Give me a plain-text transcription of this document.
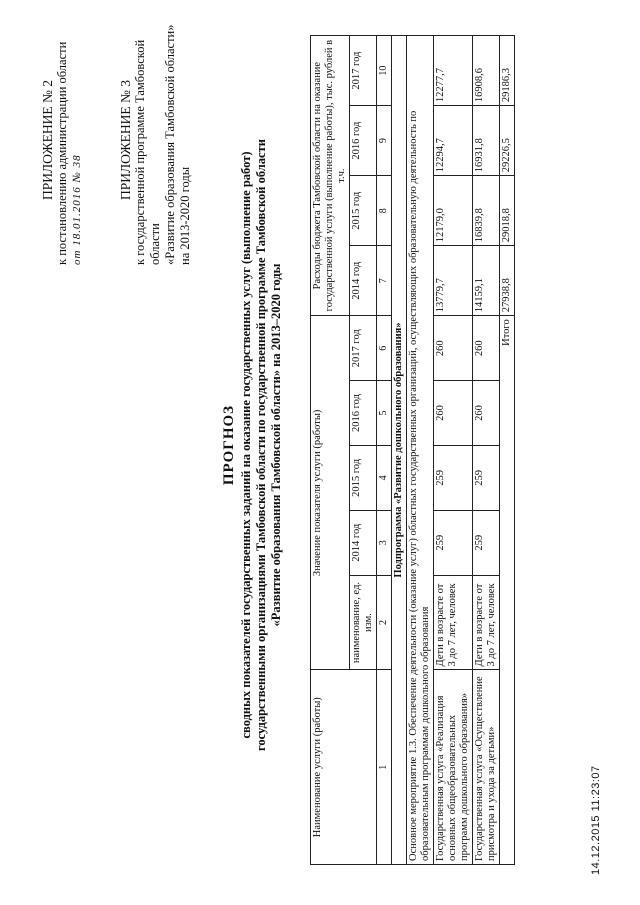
ПРИЛОЖЕНИЕ № 2 к постановлению администрации области от 18.01.2016 № 38
ПРИЛОЖЕНИЕ № 3 к государственной программе Тамбовской области «Развитие образования Тамбовской области» на 2013-2020 годы
ПРОГНОЗ сводных показателей государственных заданий на оказание государственных услуг (выполнение работ) государственными организациями Тамбовской области по государственной программе Тамбовской области «Развитие образования Тамбовской области» на 2013–2020 годы
Наименование услуги (работы)	Значение показателя услуги (работы)					Расходы бюджета Тамбовской области на оказание государственной услуги (выполнение работы), тыс. рублей в т.ч.			
	наименование, ед. изм.	2014 год	2015 год	2016 год	2017 год	2014 год	2015 год	2016 год	2017 год
1	2	3	4	5	6	7	8	9	10
Подпрограмма «Развитие дошкольного образования»									
Основное мероприятие 1.3. Обеспечение деятельности (оказание услуг) областных государственных организаций, осуществляющих образовательную деятельность по образовательным программам дошкольного образования									
Государственная услуга «Реализация основных общеобразовательных программ дошкольного образования»	Дети в возрасте от 3 до 7 лет, человек	259	259	260	260	13779,7	12179,0	12294,7	12277,7
Государственная услуга «Осуществление присмотра и ухода за детьми»	Дети в возрасте от 3 до 7 лет, человек	259	259	260	260	14159,1	16839,8	16931,8	16908,6
Итого						27938,8	29018,8	29226,5	29186,3
14.12.2015 11:23:07
